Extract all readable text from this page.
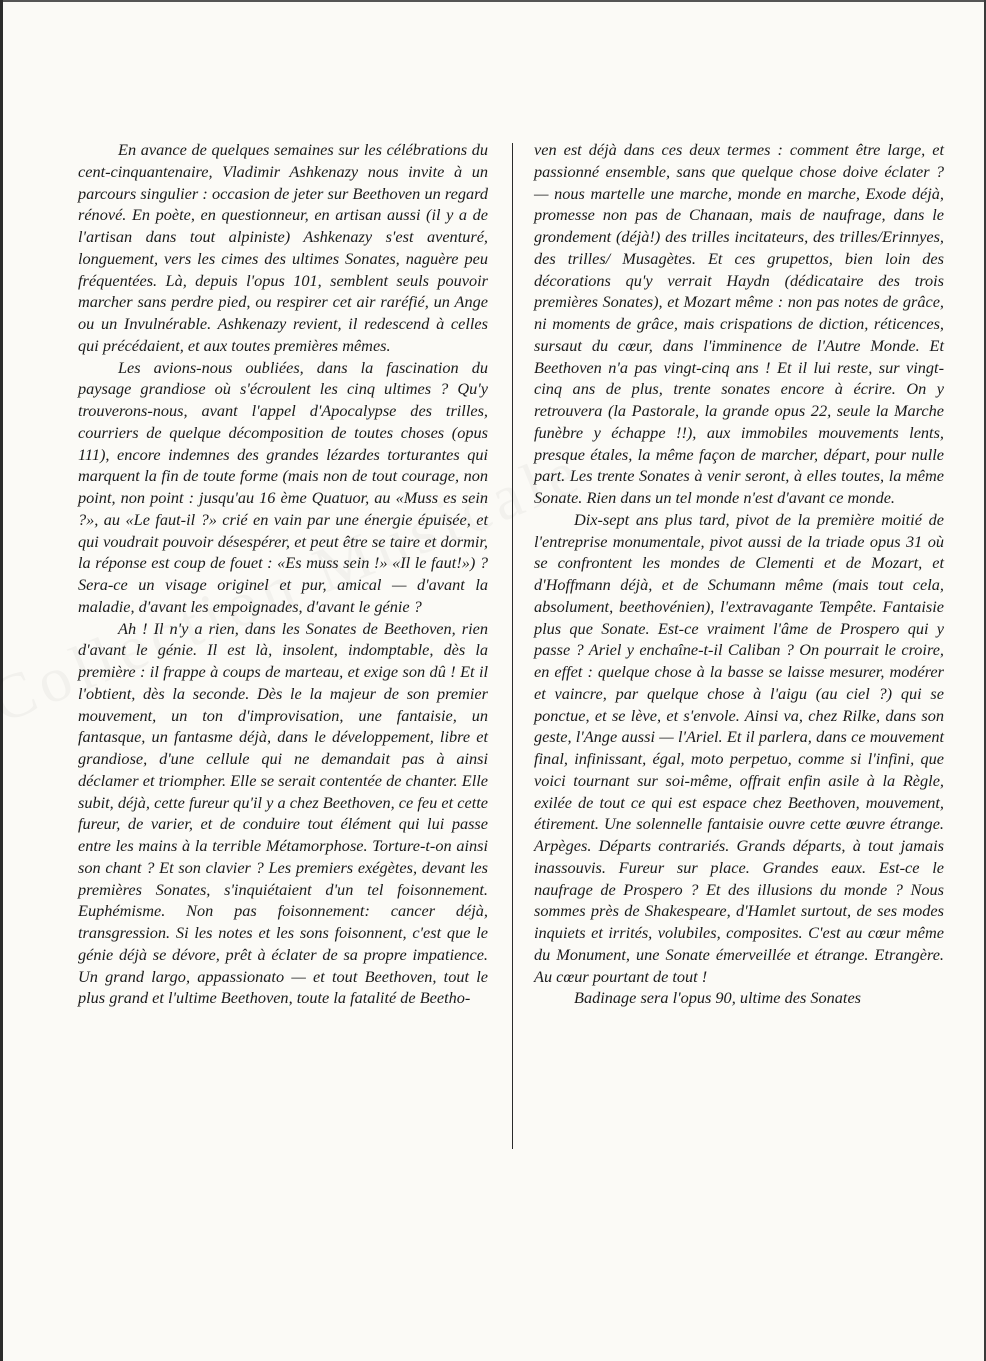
En avance de quelques semaines sur les célébrations du cent-cinquantenaire, Vladimir Ashkenazy nous invite à un parcours singulier : occasion de jeter sur Beethoven un regard rénové. En poète, en questionneur, en artisan aussi (il y a de l'artisan dans tout alpiniste) Ashkenazy s'est aventuré, longuement, vers les cimes des ultimes Sonates, naguère peu fréquentées. Là, depuis l'opus 101, semblent seuls pouvoir marcher sans perdre pied, ou respirer cet air raréfié, un Ange ou un Invulnérable. Ashkenazy revient, il redescend à celles qui précédaient, et aux toutes premières mêmes.

Les avions-nous oubliées, dans la fascination du paysage grandiose où s'écroulent les cinq ultimes ? Qu'y trouverons-nous, avant l'appel d'Apocalypse des trilles, courriers de quelque décomposition de toutes choses (opus 111), encore indemnes des grandes lézardes torturantes qui marquent la fin de toute forme (mais non de tout courage, non point, non point : jusqu'au 16 ème Quatuor, au «Muss es sein ?», au «Le faut-il ?» crié en vain par une énergie épuisée, et qui voudrait pouvoir désespérer, et peut être se taire et dormir, la réponse est coup de fouet : «Es muss sein !» «Il le faut!») ? Sera-ce un visage originel et pur, amical — d'avant la maladie, d'avant les empoignades, d'avant le génie ?

Ah ! Il n'y a rien, dans les Sonates de Beethoven, rien d'avant le génie. Il est là, insolent, indomptable, dès la première : il frappe à coups de marteau, et exige son dû ! Et il l'obtient, dès la seconde. Dès le la majeur de son premier mouvement, un ton d'improvisation, une fantaisie, un fantasque, un fantasme déjà, dans le développement, libre et grandiose, d'une cellule qui ne demandait pas à ainsi déclamer et triompher. Elle se serait contentée de chanter. Elle subit, déjà, cette fureur qu'il y a chez Beethoven, ce feu et cette fureur, de varier, et de conduire tout élément qui lui passe entre les mains à la terrible Métamorphose. Torture-t-on ainsi son chant ? Et son clavier ? Les premiers exégètes, devant les premières Sonates, s'inquiétaient d'un tel foisonnement. Euphémisme. Non pas foisonnement: cancer déjà, transgression. Si les notes et les sons foisonnent, c'est que le génie déjà se dévore, prêt à éclater de sa propre impatience. Un grand largo, appassionato — et tout Beethoven, tout le plus grand et l'ultime Beethoven, toute la fatalité de Beetho-

ven est déjà dans ces deux termes : comment être large, et passionné ensemble, sans que quelque chose doive éclater ? — nous martelle une marche, monde en marche, Exode déjà, promesse non pas de Chanaan, mais de naufrage, dans le grondement (déjà!) des trilles incitateurs, des trilles/Erinnyes, des trilles/ Musagètes. Et ces grupettos, bien loin des décorations qu'y verrait Haydn (dédicataire des trois premières Sonates), et Mozart même : non pas notes de grâce, ni moments de grâce, mais crispations de diction, réticences, sursaut du cœur, dans l'imminence de l'Autre Monde. Et Beethoven n'a pas vingt-cinq ans ! Et il lui reste, sur vingt-cinq ans de plus, trente sonates encore à écrire. On y retrouvera (la Pastorale, la grande opus 22, seule la Marche funèbre y échappe !!), aux immobiles mouvements lents, presque étales, la même façon de marcher, départ, pour nulle part. Les trente Sonates à venir seront, à elles toutes, la même Sonate. Rien dans un tel monde n'est d'avant ce monde.

Dix-sept ans plus tard, pivot de la première moitié de l'entreprise monumentale, pivot aussi de la triade opus 31 où se confrontent les mondes de Clementi et de Mozart, et d'Hoffmann déjà, et de Schumann même (mais tout cela, absolument, beethovénien), l'extravagante Tempête. Fantaisie plus que Sonate. Est-ce vraiment l'âme de Prospero qui y passe ? Ariel y enchaîne-t-il Caliban ? On pourrait le croire, en effet : quelque chose à la basse se laisse mesurer, modérer et vaincre, par quelque chose à l'aigu (au ciel ?) qui se ponctue, et se lève, et s'envole. Ainsi va, chez Rilke, dans son geste, l'Ange aussi — l'Ariel. Et il parlera, dans ce mouvement final, infinissant, égal, moto perpetuo, comme si l'infini, que voici tournant sur soi-même, offrait enfin asile à la Règle, exilée de tout ce qui est espace chez Beethoven, mouvement, étirement. Une solennelle fantaisie ouvre cette œuvre étrange. Arpèges. Départs contrariés. Grands départs, à tout jamais inassouvis. Fureur sur place. Grandes eaux. Est-ce le naufrage de Prospero ? Et des illusions du monde ? Nous sommes près de Shakespeare, d'Hamlet surtout, de ses modes inquiets et irrités, volubiles, composites. C'est au cœur même du Monument, une Sonate émerveillée et étrange. Etrangère. Au cœur pourtant de tout !

Badinage sera l'opus 90, ultime des Sonates
